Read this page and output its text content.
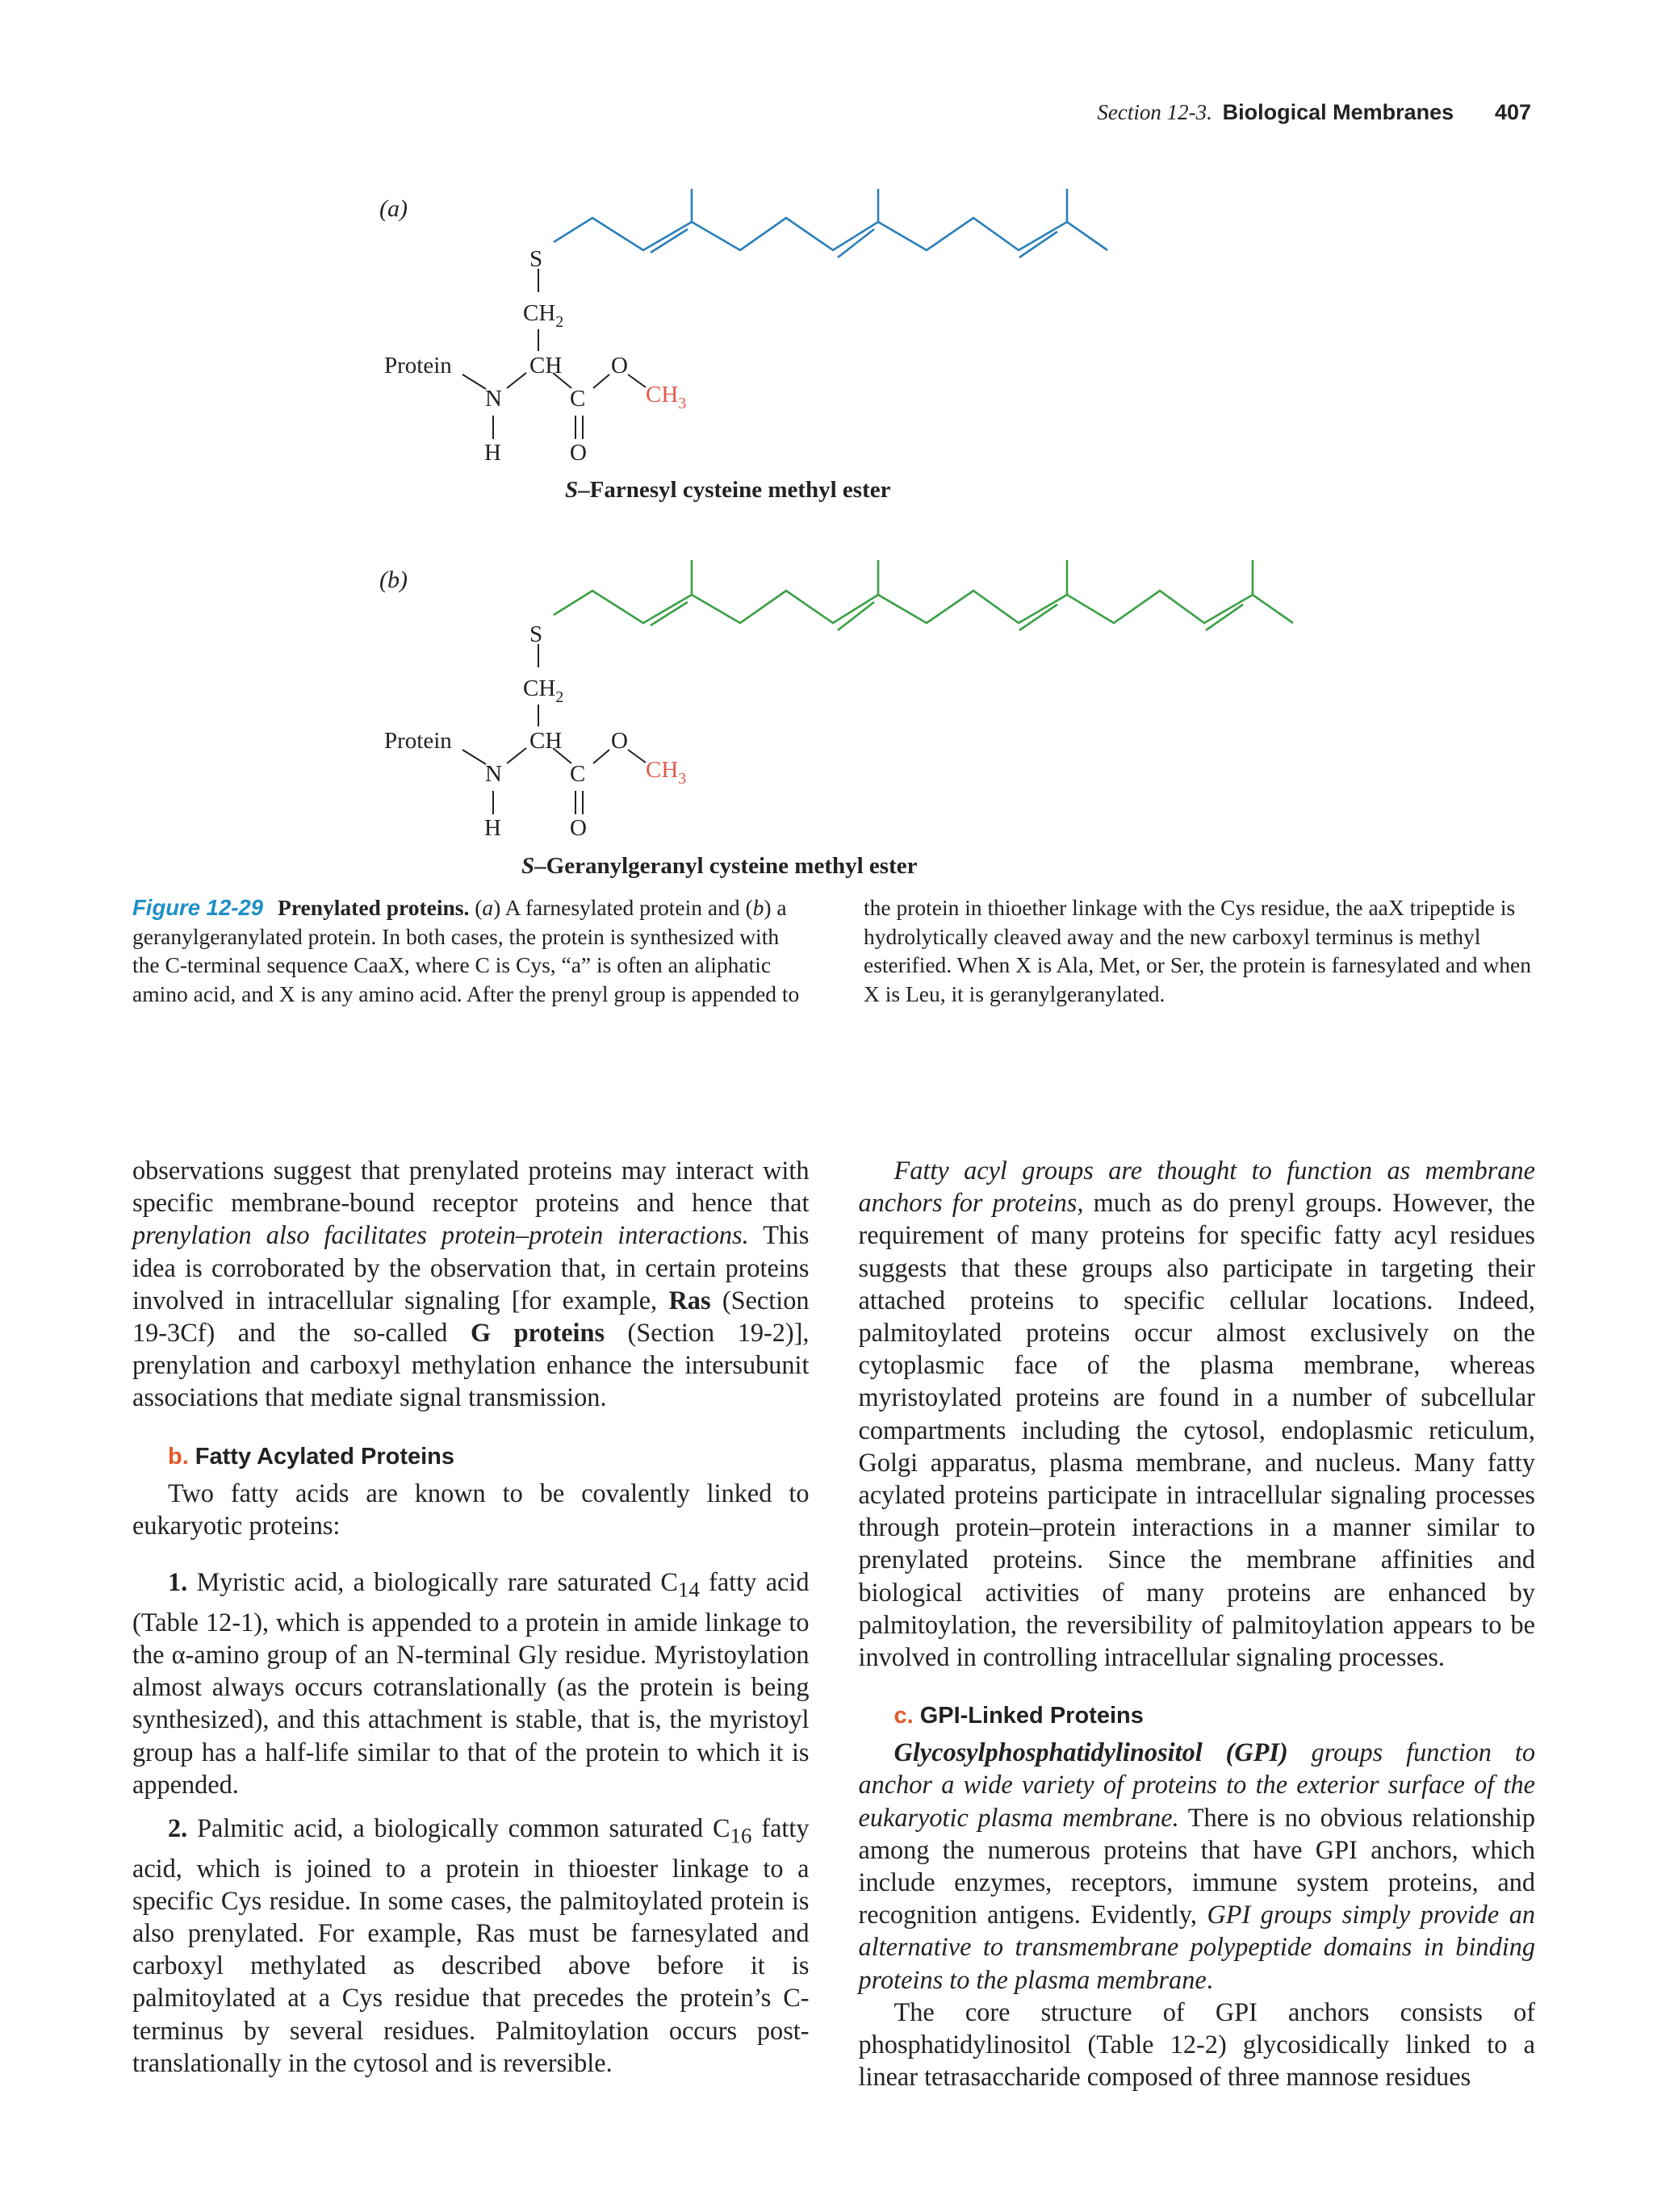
Section 12-3. Biological Membranes 407
(a)
S
$CH_2$
Protein	CH O
N	C	$CH_3$
H	O
S–Farnesyl cysteine methyl ester
(b)
S
$CH_2$
Protein	CH O
N	C	$CH_3$
H	O
S–Geranylgeranyl cysteine methyl ester
Figure 12-29 Prenylated proteins. (a) A farnesylated protein and (b) a geranylgeranylated protein. In both cases, the protein is synthesized with the C-terminal sequence CaaX, where C is Cys, “a” is often an aliphatic amino acid, and X is any amino acid. After the prenyl group is appended to the protein in thioether linkage with the Cys residue, the aaX tripeptide is hydrolytically cleaved away and the new carboxyl terminus is methyl esterified. When X is Ala, Met, or Ser, the protein is farnesylated and when X is Leu, it is geranylgeranylated.

observations suggest that prenylated proteins may interact with specific membrane-bound receptor proteins and hence that prenylation also facilitates protein–protein interactions. This idea is corroborated by the observation that, in certain proteins involved in intracellular signaling [for example, Ras (Section 19-3Cf) and the so-called G proteins (Section 19-2)], prenylation and carboxyl methylation enhance the intersubunit associations that mediate signal transmission.

b. Fatty Acylated Proteins

Two fatty acids are known to be covalently linked to eukaryotic proteins:

1. Myristic acid, a biologically rare saturated $C_{14}$ fatty acid (Table 12-1), which is appended to a protein in amide linkage to the α-amino group of an N-terminal Gly residue. Myristoylation almost always occurs cotranslationally (as the protein is being synthesized), and this attachment is stable, that is, the myristoyl group has a half-life similar to that of the protein to which it is appended.

2. Palmitic acid, a biologically common saturated $C_{16}$ fatty acid, which is joined to a protein in thioester linkage to a specific Cys residue. In some cases, the palmitoylated protein is also prenylated. For example, Ras must be farnesylated and carboxyl methylated as described above before it is palmitoylated at a Cys residue that precedes the protein’s C-terminus by several residues. Palmitoylation occurs post-translationally in the cytosol and is reversible.

Fatty acyl groups are thought to function as membrane anchors for proteins, much as do prenyl groups. However, the requirement of many proteins for specific fatty acyl residues suggests that these groups also participate in targeting their attached proteins to specific cellular locations. Indeed, palmitoylated proteins occur almost exclusively on the cytoplasmic face of the plasma membrane, whereas myristoylated proteins are found in a number of subcellular compartments including the cytosol, endoplasmic reticulum, Golgi apparatus, plasma membrane, and nucleus. Many fatty acylated proteins participate in intracellular signaling processes through protein–protein interactions in a manner similar to prenylated proteins. Since the membrane affinities and biological activities of many proteins are enhanced by palmitoylation, the reversibility of palmitoylation appears to be involved in controlling intracellular signaling processes.

c. GPI-Linked Proteins

Glycosylphosphatidylinositol (GPI) groups function to anchor a wide variety of proteins to the exterior surface of the eukaryotic plasma membrane. There is no obvious relationship among the numerous proteins that have GPI anchors, which include enzymes, receptors, immune system proteins, and recognition antigens. Evidently, GPI groups simply provide an alternative to transmembrane polypeptide domains in binding proteins to the plasma membrane.

The core structure of GPI anchors consists of phosphatidylinositol (Table 12-2) glycosidically linked to a linear tetrasaccharide composed of three mannose residues
